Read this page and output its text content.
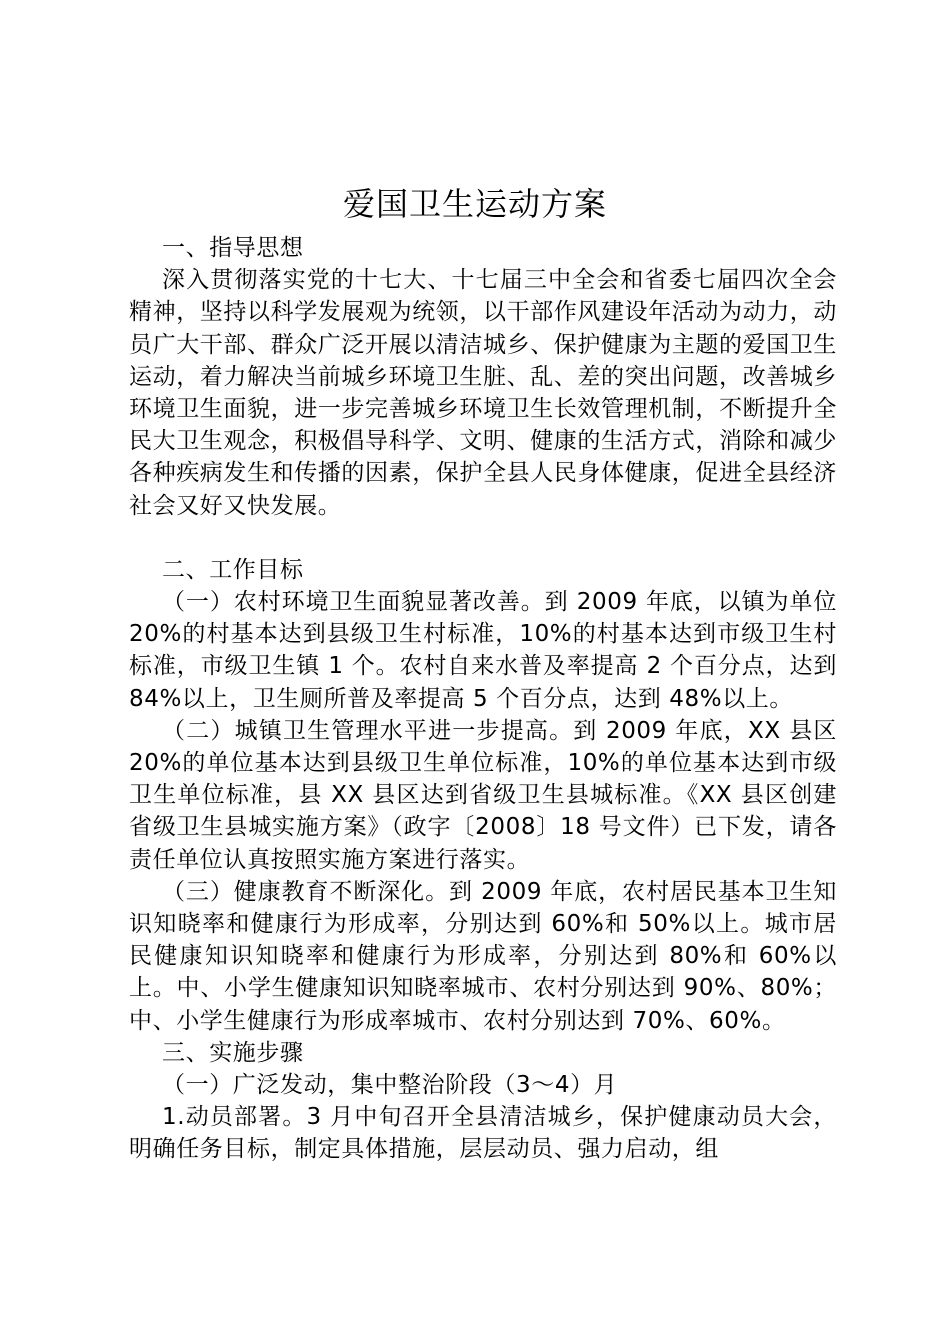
爱国卫生运动方案

一、指导思想

深入贯彻落实党的十七大、十七届三中全会和省委七届四次全会精神，坚持以科学发展观为统领，以干部作风建设年活动为动力，动员广大干部、群众广泛开展以清洁城乡、保护健康为主题的爱国卫生运动，着力解决当前城乡环境卫生脏、乱、差的突出问题，改善城乡环境卫生面貌，进一步完善城乡环境卫生长效管理机制，不断提升全民大卫生观念，积极倡导科学、文明、健康的生活方式，消除和减少各种疾病发生和传播的因素，保护全县人民身体健康，促进全县经济社会又好又快发展。

二、工作目标

（一）农村环境卫生面貌显著改善。到 2009 年底，以镇为单位 20%的村基本达到县级卫生村标准，10%的村基本达到市级卫生村标准，市级卫生镇 1 个。农村自来水普及率提高 2 个百分点，达到 84%以上，卫生厕所普及率提高 5 个百分点，达到 48%以上。

（二）城镇卫生管理水平进一步提高。到 2009 年底，XX 县区 20%的单位基本达到县级卫生单位标准，10%的单位基本达到市级卫生单位标准，县 XX 县区达到省级卫生县城标准。《XX 县区创建省级卫生县城实施方案》（政字〔2008〕18 号文件）已下发，请各责任单位认真按照实施方案进行落实。

（三）健康教育不断深化。到 2009 年底，农村居民基本卫生知识知晓率和健康行为形成率，分别达到 60%和 50%以上。城市居民健康知识知晓率和健康行为形成率，分别达到 80%和 60%以上。中、小学生健康知识知晓率城市、农村分别达到 90%、80%；中、小学生健康行为形成率城市、农村分别达到 70%、60%。

三、实施步骤

（一）广泛发动，集中整治阶段（3～4）月

1.动员部署。3 月中旬召开全县清洁城乡，保护健康动员大会，明确任务目标，制定具体措施，层层动员、强力启动，组
